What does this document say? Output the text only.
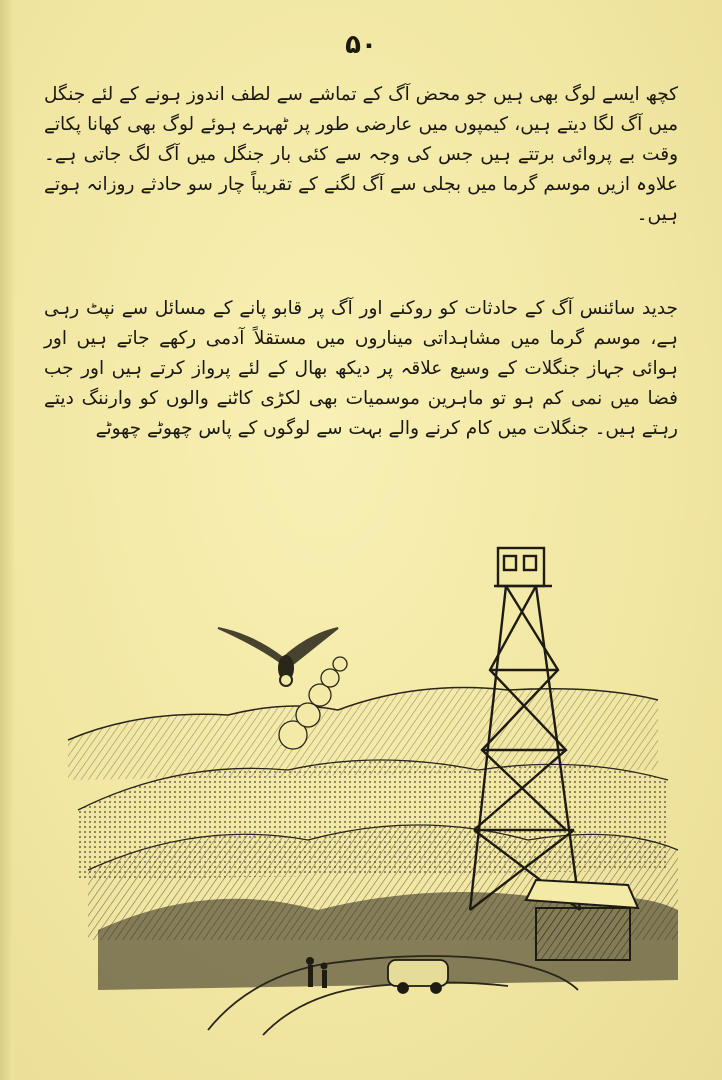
۵۰

کچھ ایسے لوگ بھی ہیں جو محض آگ کے تماشے سے لطف اندوز ہونے کے لئے جنگل میں آگ لگا دیتے ہیں، کیمپوں میں عارضی طور پر ٹھہرے ہوئے لوگ بھی کھانا پکاتے وقت بے پروائی برتتے ہیں جس کی وجہ سے کئی بار جنگل میں آگ لگ جاتی ہے۔ علاوہ ازیں موسم گرما میں بجلی سے آگ لگنے کے تقریباً چار سو حادثے روزانہ ہوتے ہیں۔

جدید سائنس آگ کے حادثات کو روکنے اور آگ پر قابو پانے کے مسائل سے نپٹ رہی ہے، موسم گرما میں مشاہداتی میناروں میں مستقلاً آدمی رکھے جاتے ہیں اور ہوائی جہاز جنگلات کے وسیع علاقہ پر دیکھ بھال کے لئے پرواز کرتے ہیں اور جب فضا میں نمی کم ہو تو ماہرین موسمیات بھی لکڑی کاٹنے والوں کو وارننگ دیتے رہتے ہیں۔ جنگلات میں کام کرنے والے بہت سے لوگوں کے پاس چھوٹے چھوٹے
